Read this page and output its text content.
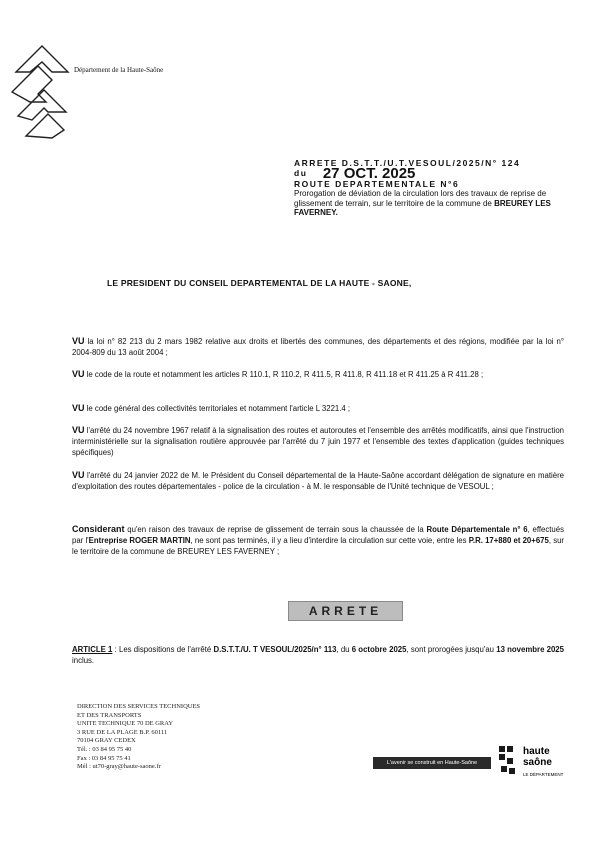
Département de la Haute-Saône
ARRETE D.S.T.T./U.T.VESOUL/2025/N° 124
du 27 OCT. 2025
ROUTE DEPARTEMENTALE N°6
Prorogation de déviation de la circulation lors des travaux de reprise de glissement de terrain, sur le territoire de la commune de BREUREY LES FAVERNEY.
LE PRESIDENT DU CONSEIL DEPARTEMENTAL DE LA HAUTE - SAONE,
VU la loi n° 82 213 du 2 mars 1982 relative aux droits et libertés des communes, des départements et des régions, modifiée par la loi n° 2004-809 du 13 août 2004 ;
VU le code de la route et notamment les articles R 110.1, R 110.2, R 411.5, R 411.8, R 411.18 et R 411.25 à R 411.28 ;
VU le code général des collectivités territoriales et notamment l'article L 3221.4 ;
VU l'arrêté du 24 novembre 1967 relatif à la signalisation des routes et autoroutes et l'ensemble des arrêtés modificatifs, ainsi que l'instruction interministérielle sur la signalisation routière approuvée par l'arrêté du 7 juin 1977 et l'ensemble des textes d'application (guides techniques spécifiques)
VU l'arrêté du 24 janvier 2022 de M. le Président du Conseil départemental de la Haute-Saône accordant délégation de signature en matière d'exploitation des routes départementales - police de la circulation - à M. le responsable de l'Unité technique de VESOUL ;
Considerant qu'en raison des travaux de reprise de glissement de terrain sous la chaussée de la Route Départementale n° 6, effectués par l'Entreprise ROGER MARTIN, ne sont pas terminés, il y a lieu d'interdire la circulation sur cette voie, entre les P.R. 17+880 et 20+675, sur le territoire de la commune de BREUREY LES FAVERNEY ;
ARRETE
ARTICLE 1 : Les dispositions de l'arrêté D.S.T.T./U. T VESOUL/2025/n° 113, du 6 octobre 2025, sont prorogées jusqu'au 13 novembre 2025 inclus.
DIRECTION DES SERVICES TECHNIQUES
ET DES TRANSPORTS
UNITE TECHNIQUE 70 DE GRAY
3 RUE DE LA PLAGE B.P. 60111
70104 GRAY CEDEX
Tél. : 03 84 95 75 40
Fax : 03 84 95 75 41
Mél : ut70-gray@haute-saone.fr
L'avenir se construit en Haute-Saône
haute
saône
LE DÉPARTEMENT
